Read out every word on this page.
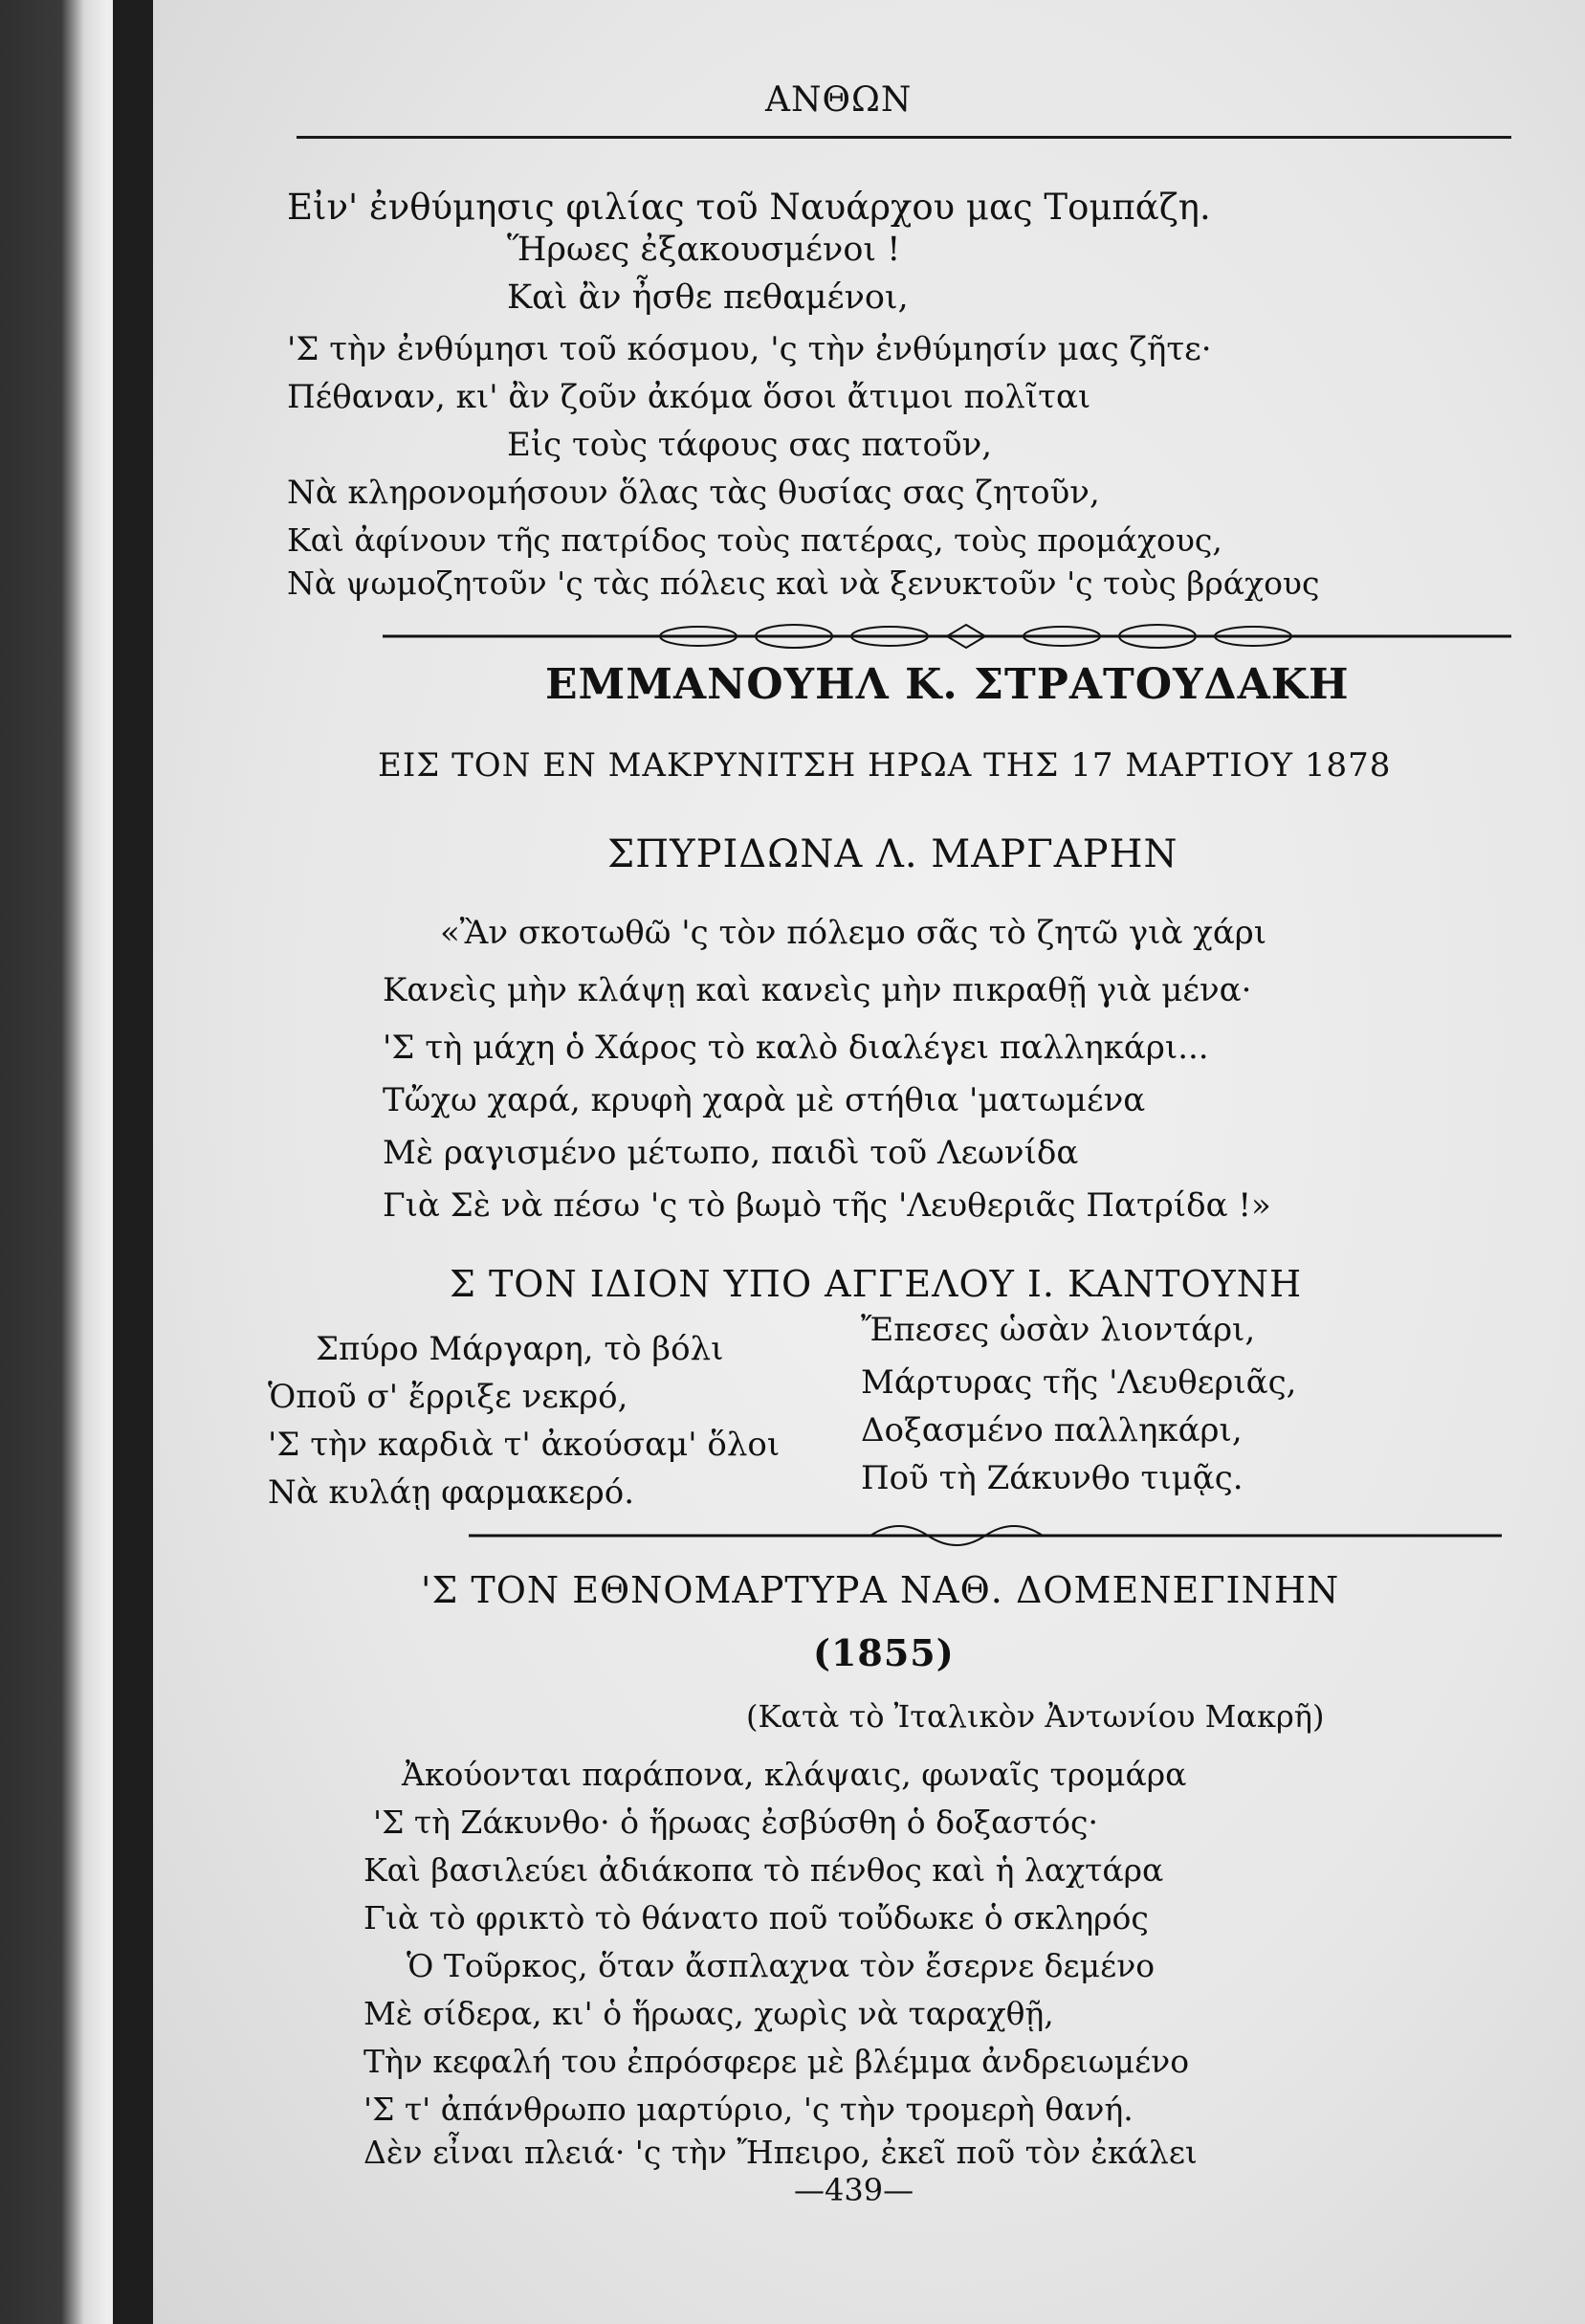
ΑΝΘΩΝ
Εἰν' ἐνθύμησις φιλίας τοῦ Ναυάρχου μας Τομπάζη.
Ἥρωες ἐξακουσμένοι !
Καὶ ἂν ἦσθε πεθαμένοι,
'Σ τὴν ἐνθύμησι τοῦ κόσμου, 'ς τὴν ἐνθύμησίν μας ζῆτε·
Πέθαναν, κι' ἂν ζοῦν ἀκόμα ὅσοι ἄτιμοι πολῖται
Εἰς τοὺς τάφους σας πατοῦν,
Νὰ κληρονομήσουν ὅλας τὰς θυσίας σας ζητοῦν,
Καὶ ἀφίνουν τῆς πατρίδος τοὺς πατέρας, τοὺς προμάχους,
Νὰ ψωμοζητοῦν 'ς τὰς πόλεις καὶ νὰ ξενυκτοῦν 'ς τοὺς βράχους
ΕΜΜΑΝΟΥΗΛ Κ. ΣΤΡΑΤΟΥΔΑΚΗ
ΕΙΣ ΤΟΝ ΕΝ ΜΑΚΡΥΝΙΤΣΗ ΗΡΩΑ ΤΗΣ 17 ΜΑΡΤΙΟΥ 1878
ΣΠΥΡΙΔΩΝΑ Λ. ΜΑΡΓΑΡΗΝ
«Ἂν σκοτωθῶ 'ς τὸν πόλεμο σᾶς τὸ ζητῶ γιὰ χάρι
Κανεὶς μὴν κλάψῃ καὶ κανεὶς μὴν πικραθῇ γιὰ μένα·
'Σ τὴ μάχη ὁ Χάρος τὸ καλὸ διαλέγει παλληκάρι...
Τὤχω χαρά, κρυφὴ χαρὰ μὲ στήθια 'ματωμένα
Μὲ ραγισμένο μέτωπο, παιδὶ τοῦ Λεωνίδα
Γιὰ Σὲ νὰ πέσω 'ς τὸ βωμὸ τῆς 'Λευθεριᾶς Πατρίδα !»
Σ ΤΟΝ ΙΔΙΟΝ ΥΠΟ ΑΓΓΕΛΟΥ Ι. ΚΑΝΤΟΥΝΗ
Σπύρο Μάργαρη, τὸ βόλι
Ὁποῦ σ' ἔρριξε νεκρό,
'Σ τὴν καρδιὰ τ' ἀκούσαμ' ὅλοι
Νὰ κυλάῃ φαρμακερό.
Ἔπεσες ὡσὰν λιοντάρι,
Μάρτυρας τῆς 'Λευθεριᾶς,
Δοξασμένο παλληκάρι,
Ποῦ τὴ Ζάκυνθο τιμᾷς.
'Σ ΤΟΝ ΕΘΝΟΜΑΡΤΥΡΑ ΝΑΘ. ΔΟΜΕΝΕΓΙΝΗΝ
(1855)
(Κατὰ τὸ Ἰταλικὸν Ἀντωνίου Μακρῆ)
Ἀκούονται παράπονα, κλάψαις, φωναῖς τρομάρα
'Σ τὴ Ζάκυνθο· ὁ ἥρωας ἐσβύσθη ὁ δοξαστός·
Καὶ βασιλεύει ἀδιάκοπα τὸ πένθος καὶ ἡ λαχτάρα
Γιὰ τὸ φρικτὸ τὸ θάνατο ποῦ τοὔδωκε ὁ σκληρός
Ὁ Τοῦρκος, ὅταν ἄσπλαχνα τὸν ἔσερνε δεμένο
Μὲ σίδερα, κι' ὁ ἥρωας, χωρὶς νὰ ταραχθῇ,
Τὴν κεφαλή του ἐπρόσφερε μὲ βλέμμα ἀνδρειωμένο
'Σ τ' ἀπάνθρωπο μαρτύριο, 'ς τὴν τρομερὴ θανή.
Δὲν εἶναι πλειά· 'ς τὴν Ἤπειρο, ἐκεῖ ποῦ τὸν ἐκάλει
—439—
